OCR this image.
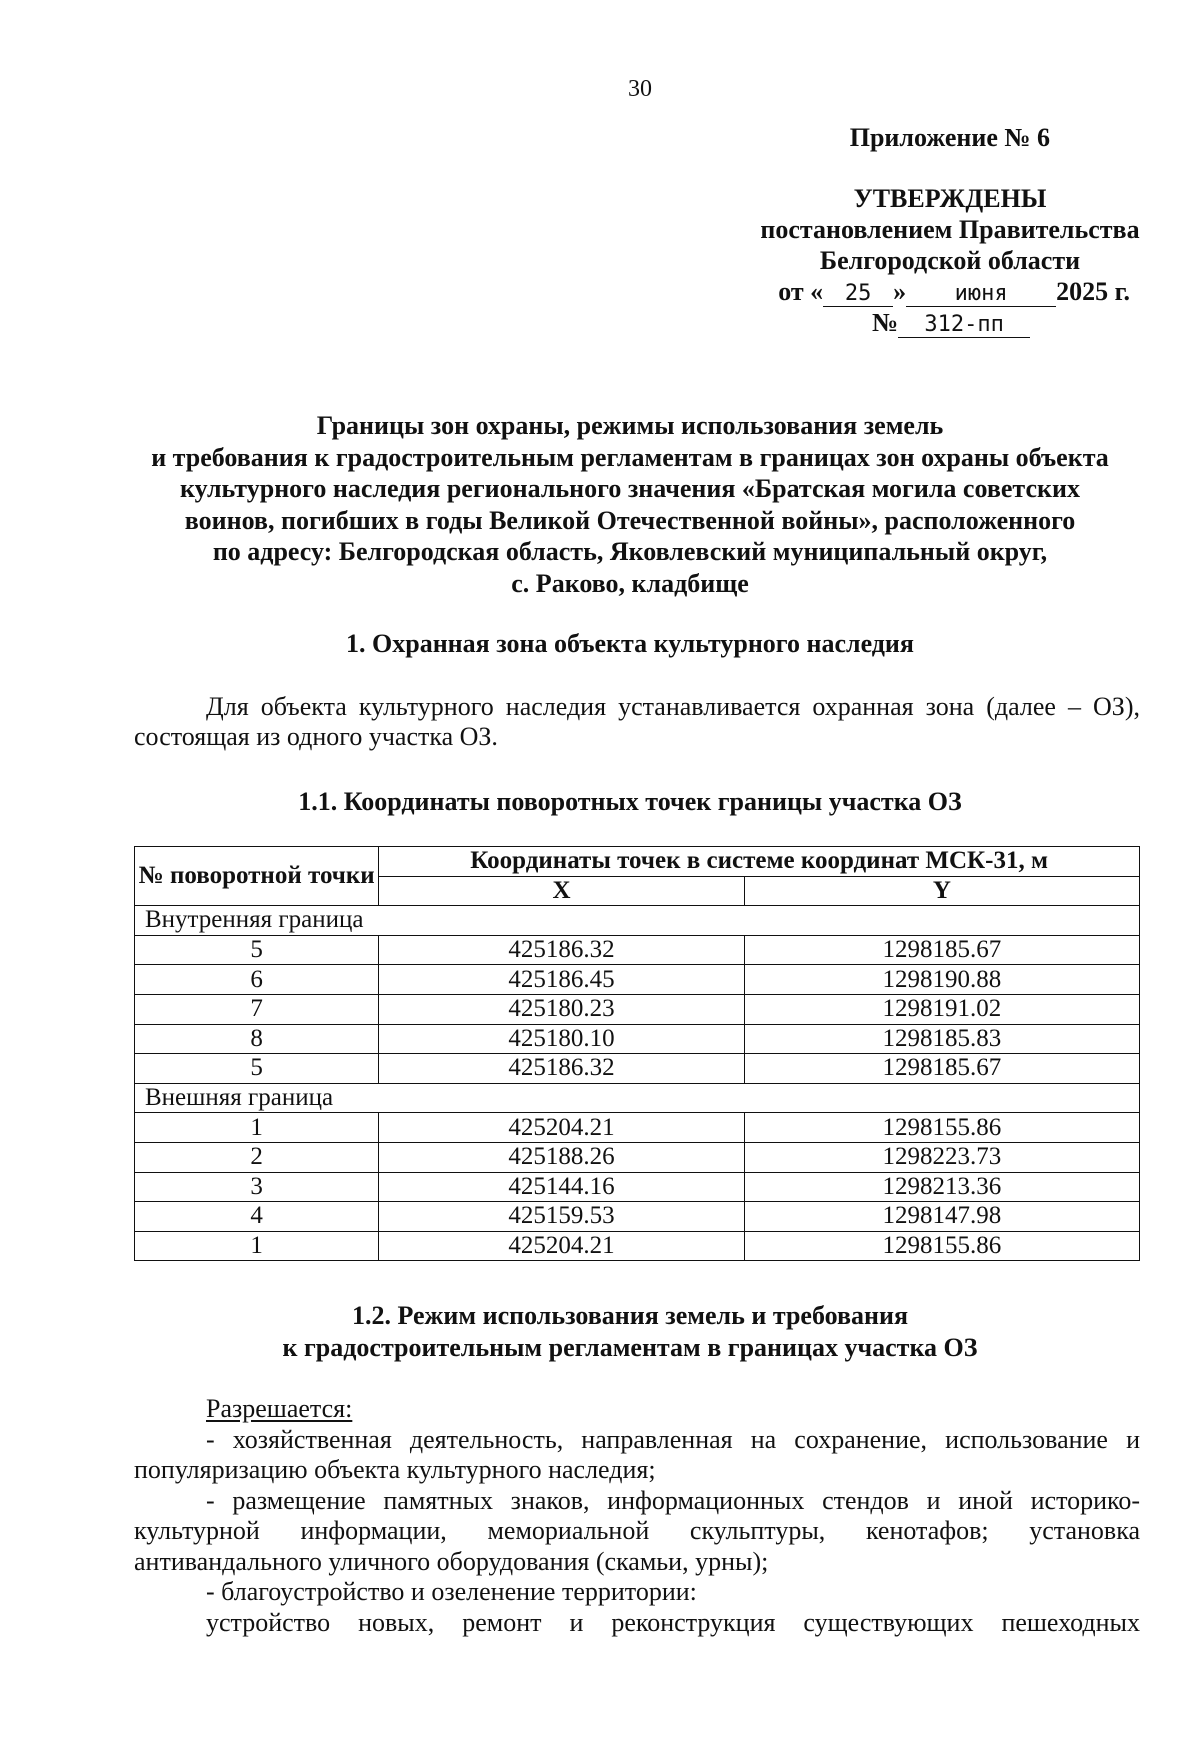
30
Приложение № 6
УТВЕРЖДЕНЫ
постановлением Правительства
Белгородской области
от « 25 » июня 2025 г.
№ 312-пп
Границы зон охраны, режимы использования земель
и требования к градостроительным регламентам в границах зон охраны объекта
культурного наследия регионального значения «Братская могила советских
воинов, погибших в годы Великой Отечественной войны», расположенного
по адресу: Белгородская область, Яковлевский муниципальный округ,
с. Раково, кладбище
1. Охранная зона объекта культурного наследия
Для объекта культурного наследия устанавливается охранная зона (далее – ОЗ), состоящая из одного участка ОЗ.
1.1. Координаты поворотных точек границы участка ОЗ
№ поворотной точки	Координаты точек в системе координат МСК-31, м	
	X	Y
Внутренняя граница		
5	425186.32	1298185.67
6	425186.45	1298190.88
7	425180.23	1298191.02
8	425180.10	1298185.83
5	425186.32	1298185.67
Внешняя граница		
1	425204.21	1298155.86
2	425188.26	1298223.73
3	425144.16	1298213.36
4	425159.53	1298147.98
1	425204.21	1298155.86
1.2. Режим использования земель и требования
к градостроительным регламентам в границах участка ОЗ
Разрешается:
- хозяйственная деятельность, направленная на сохранение, использование и популяризацию объекта культурного наследия;
- размещение памятных знаков, информационных стендов и иной историко-культурной информации, мемориальной скульптуры, кенотафов; установка антивандального уличного оборудования (скамьи, урны);
- благоустройство и озеленение территории:
устройство новых, ремонт и реконструкция существующих пешеходных
